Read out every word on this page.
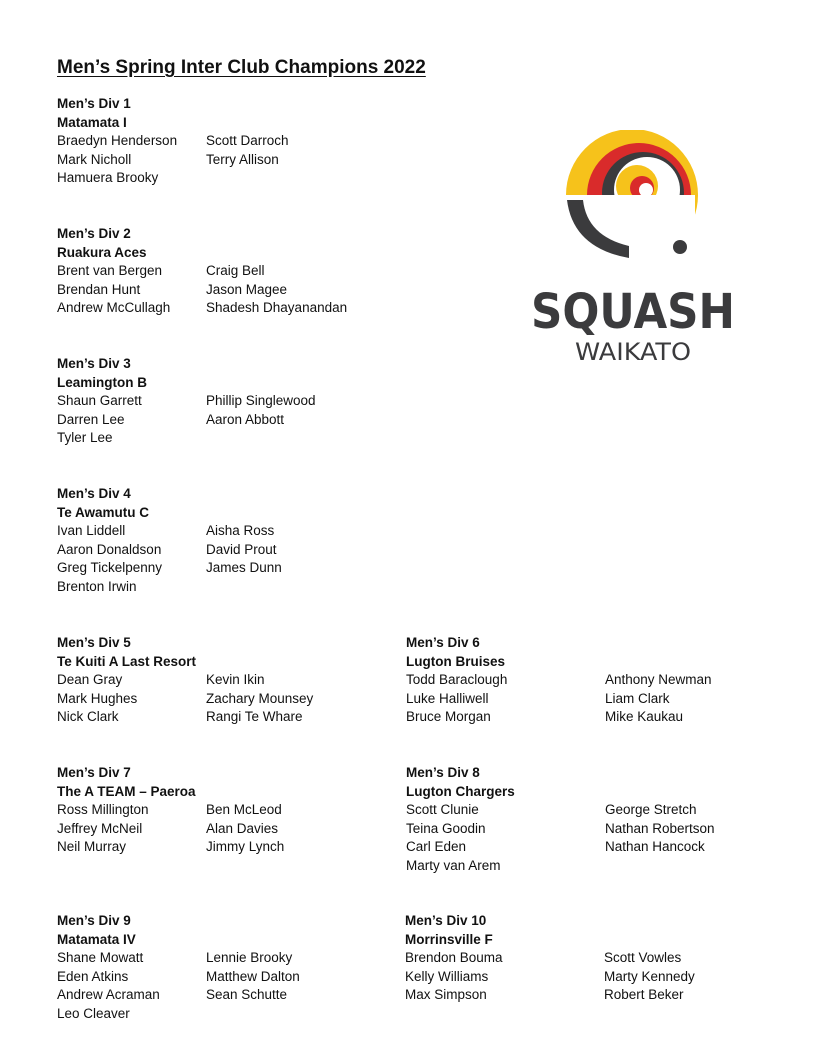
Men’s Spring Inter Club Champions 2022
SQUASH
WAIKATO
Men’s Div 1
Matamata I
Braedyn Henderson
Mark Nicholl
Hamuera Brooky
Scott Darroch
Terry Allison
Men’s Div 2
Ruakura Aces
Brent van Bergen
Brendan Hunt
Andrew McCullagh
Craig Bell
Jason Magee
Shadesh Dhayanandan
Men’s Div 3
Leamington B
Shaun Garrett
Darren Lee
Tyler Lee
Phillip Singlewood
Aaron Abbott
Men’s Div 4
Te Awamutu C
Ivan Liddell
Aaron Donaldson
Greg Tickelpenny
Brenton Irwin
Aisha Ross
David Prout
James Dunn
Men’s Div 5
Te Kuiti A Last Resort
Dean Gray
Mark Hughes
Nick Clark
Kevin Ikin
Zachary Mounsey
Rangi Te Whare
Men’s Div 6
Lugton Bruises
Todd Baraclough
Luke Halliwell
Bruce Morgan
Anthony Newman
Liam Clark
Mike Kaukau
Men’s Div 7
The A TEAM – Paeroa
Ross Millington
Jeffrey McNeil
Neil Murray
Ben McLeod
Alan Davies
Jimmy Lynch
Men’s Div 8
Lugton Chargers
Scott Clunie
Teina Goodin
Carl Eden
Marty van Arem
George Stretch
Nathan Robertson
Nathan Hancock
Men’s Div 9
Matamata IV
Shane Mowatt
Eden Atkins
Andrew Acraman
Leo Cleaver
Lennie Brooky
Matthew Dalton
Sean Schutte
Men’s Div 10
Morrinsville F
Brendon Bouma
Kelly Williams
Max Simpson
Scott Vowles
Marty Kennedy
Robert Beker
